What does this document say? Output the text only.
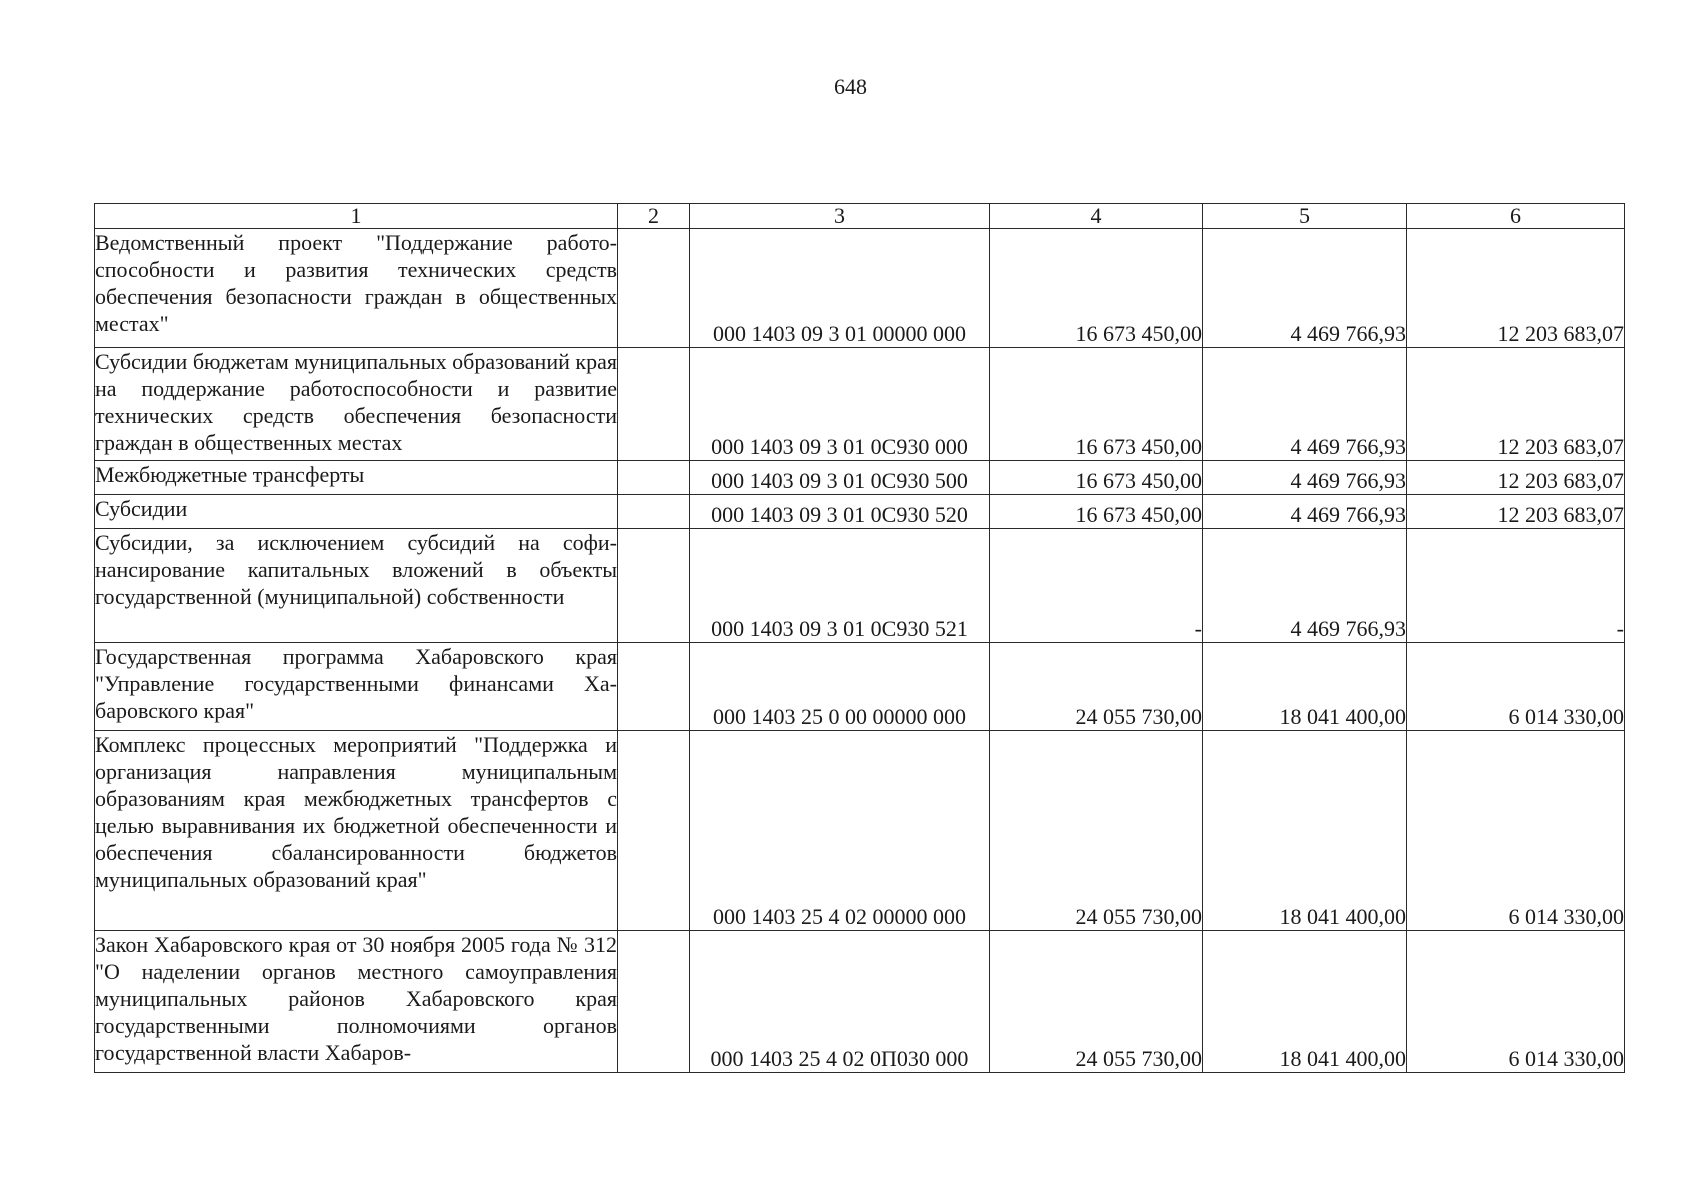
648
1	2	3	4	5	6
Ведомственный проект "Поддержание работоспособности и развития технических средств обеспечения безопасности граждан в общественных местах"		000 1403 09 3 01 00000 000	16 673 450,00	4 469 766,93	12 203 683,07
Субсидии бюджетам муниципальных образований края на поддержание работоспособности и развитие технических средств обеспечения безопасности граждан в общественных местах		000 1403 09 3 01 0С930 000	16 673 450,00	4 469 766,93	12 203 683,07
Межбюджетные трансферты		000 1403 09 3 01 0С930 500	16 673 450,00	4 469 766,93	12 203 683,07
Субсидии		000 1403 09 3 01 0С930 520	16 673 450,00	4 469 766,93	12 203 683,07
Субсидии, за исключением субсидий на софинансирование капитальных вложений в объекты государственной (муниципальной) собственности		000 1403 09 3 01 0С930 521	-	4 469 766,93	-
Государственная программа Хабаровского края "Управление государственными финансами Хабаровского края"		000 1403 25 0 00 00000 000	24 055 730,00	18 041 400,00	6 014 330,00
Комплекс процессных мероприятий "Поддержка и организация направления муниципальным образованиям края межбюджетных трансфертов с целью выравнивания их бюджетной обеспеченности и обеспечения сбалансированности бюджетов муниципальных образований края"		000 1403 25 4 02 00000 000	24 055 730,00	18 041 400,00	6 014 330,00
Закон Хабаровского края от 30 ноября 2005 года № 312 "О наделении органов местного самоуправления муниципальных районов Хабаровского края государственными полномочиями органов государственной власти Хабаров-		000 1403 25 4 02 0П030 000	24 055 730,00	18 041 400,00	6 014 330,00
